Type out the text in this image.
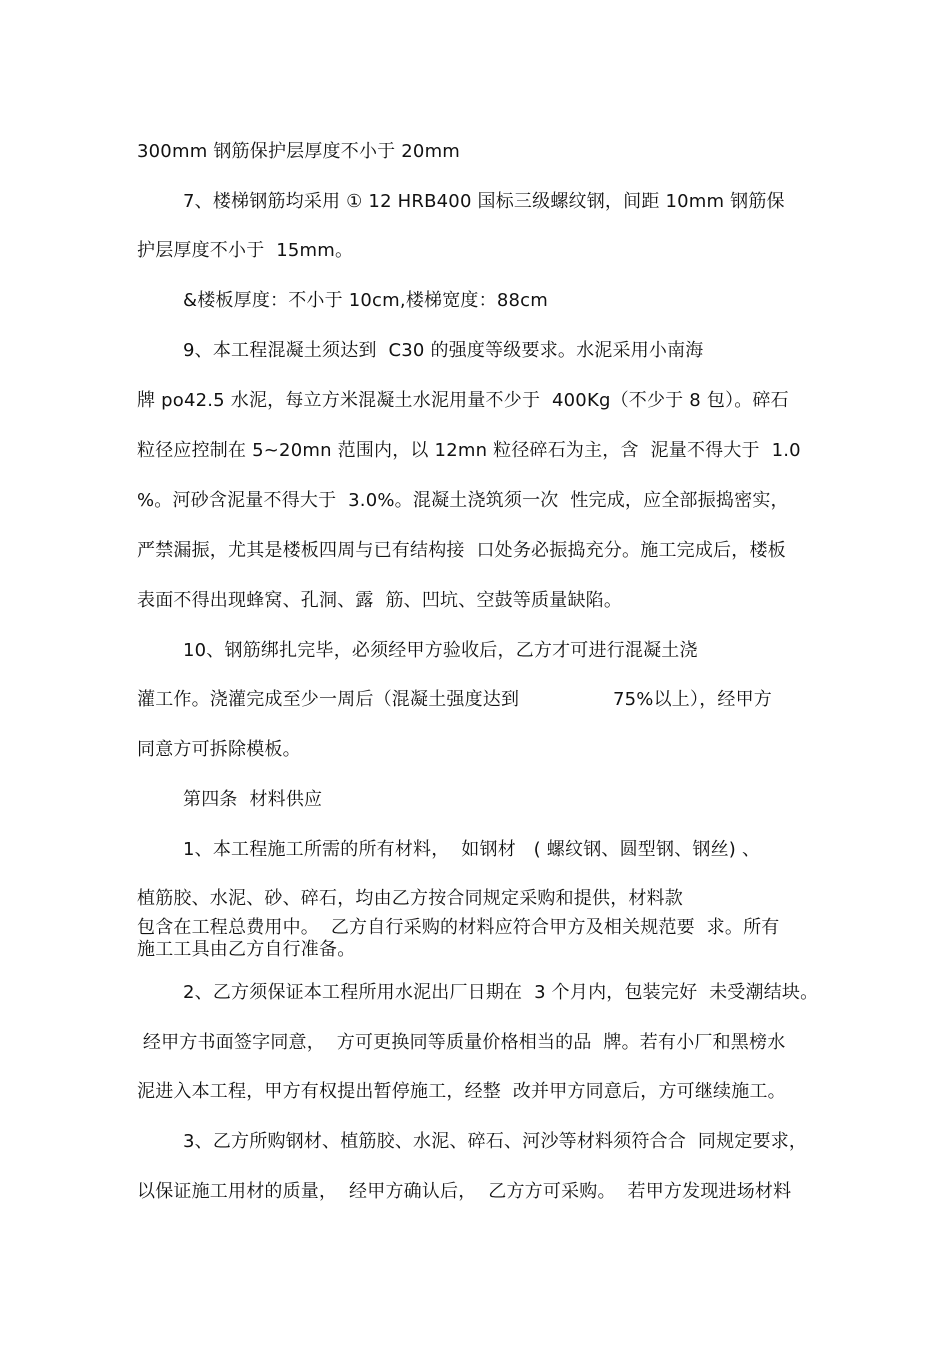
300mm 钢筋保护层厚度不小于 20mm
7、楼梯钢筋均采用 ① 12 HRB400 国标三级螺纹钢，间距 10mm 钢筋保
护层厚度不小于  15mm。
&楼板厚度：不小于 10cm,楼梯宽度：88cm
9、本工程混凝土须达到  C30 的强度等级要求。水泥采用小南海
牌 po42.5 水泥，每立方米混凝土水泥用量不少于  400Kg（不少于 8 包）。碎石
粒径应控制在 5~20mn 范围内，以 12mn 粒径碎石为主，含  泥量不得大于  1.0
%。河砂含泥量不得大于  3.0%。混凝土浇筑须一次  性完成，应全部振捣密实，
严禁漏振，尤其是楼板四周与已有结构接  口处务必振捣充分。施工完成后，楼板
表面不得出现蜂窝、孔洞、露  筋、凹坑、空鼓等质量缺陷。
10、钢筋绑扎完毕，必须经甲方验收后，乙方才可进行混凝土浇
灌工作。浇灌完成至少一周后（混凝土强度达到	75%以上），经甲方
同意方可拆除模板。
第四条  材料供应
1、本工程施工所需的所有材料，  如钢材   ( 螺纹钢、圆型钢、钢丝) 、
植筋胶、水泥、砂、碎石，均由乙方按合同规定采购和提供，材料款
包含在工程总费用中。  乙方自行采购的材料应符合甲方及相关规范要  求。所有
施工工具由乙方自行准备。
2、乙方须保证本工程所用水泥出厂日期在  3 个月内，包装完好  未受潮结块。
经甲方书面签字同意，  方可更换同等质量价格相当的品  牌。若有小厂和黑榜水
泥进入本工程，甲方有权提出暂停施工，经整  改并甲方同意后，方可继续施工。
3、乙方所购钢材、植筋胶、水泥、碎石、河沙等材料须符合合  同规定要求，
以保证施工用材的质量，  经甲方确认后，  乙方方可采购。  若甲方发现进场材料
